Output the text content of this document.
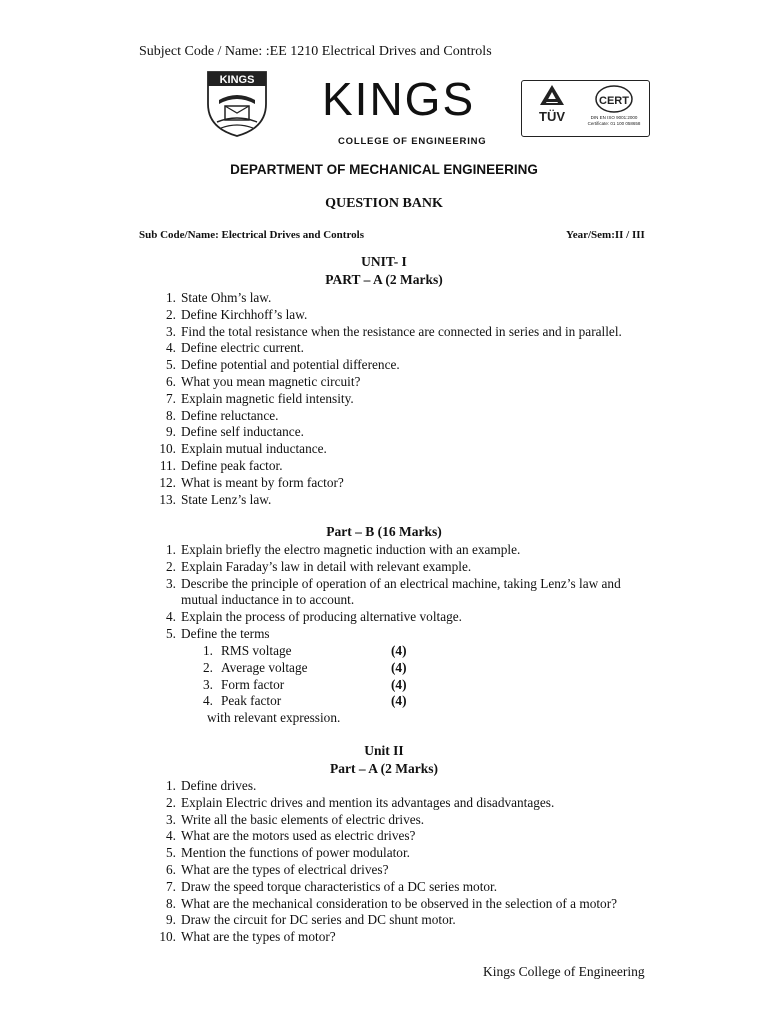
Subject Code / Name: :EE 1210 Electrical Drives and Controls
KINGS KINGS
COLLEGE OF ENGINEERING
TÜV
CERT
DIN EN ISO 9001:2000
Certificate: 01 100 058658
DEPARTMENT OF MECHANICAL ENGINEERING
QUESTION BANK
Sub Code/Name: Electrical Drives and Controls	Year/Sem:II / III
UNIT- I
PART – A (2 Marks)
1. State Ohm’s law.
2. Define Kirchhoff’s law.
3. Find the total resistance when the resistance are connected in series and in parallel.
4. Define electric current.
5. Define potential and potential difference.
6. What you mean magnetic circuit?
7. Explain magnetic field intensity.
8. Define reluctance.
9. Define self inductance.
10. Explain mutual inductance.
11. Define peak factor.
12. What is meant by form factor?
13. State Lenz’s law.
Part – B (16 Marks)
1. Explain briefly the electro magnetic induction with an example.
2. Explain Faraday’s law in detail with relevant example.
3. Describe the principle of operation of an electrical machine, taking Lenz’s law and mutual inductance in to account.
4. Explain the process of producing alternative voltage.
5. Define the terms
1. RMS voltage	(4)
2. Average voltage	(4)
3. Form factor	(4)
4. Peak factor	(4)
with relevant expression.
Unit II
Part – A (2 Marks)
1. Define drives.
2. Explain Electric drives and mention its advantages and disadvantages.
3. Write all the basic elements of electric drives.
4. What are the motors used as electric drives?
5. Mention the functions of power modulator.
6. What are the types of electrical drives?
7. Draw the speed torque characteristics of a DC series motor.
8. What are the mechanical consideration to be observed in the selection of a motor?
9. Draw the circuit for DC series and DC shunt motor.
10. What are the types of motor?
Kings College of Engineering
